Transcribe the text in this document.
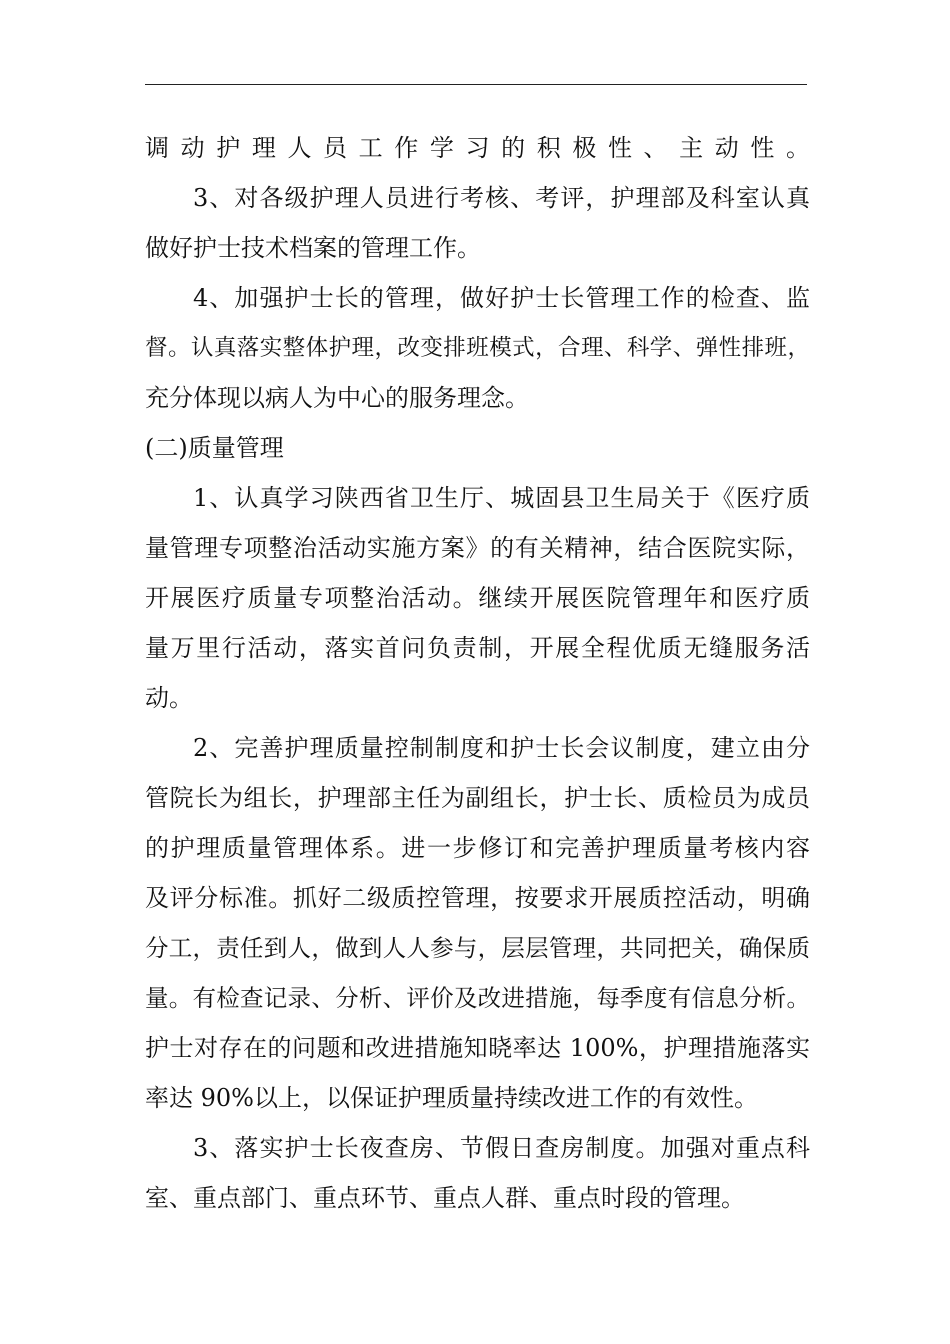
调动护理人员工作学习的积极性、主动性。
3、对各级护理人员进行考核、考评，护理部及科室认真
做好护士技术档案的管理工作。
4、加强护士长的管理，做好护士长管理工作的检查、监
督。认真落实整体护理，改变排班模式，合理、科学、弹性排班，
充分体现以病人为中心的服务理念。
(二)质量管理
1、认真学习陕西省卫生厅、城固县卫生局关于《医疗质
量管理专项整治活动实施方案》的有关精神，结合医院实际，
开展医疗质量专项整治活动。继续开展医院管理年和医疗质
量万里行活动，落实首问负责制，开展全程优质无缝服务活
动。
2、完善护理质量控制制度和护士长会议制度，建立由分
管院长为组长，护理部主任为副组长，护士长、质检员为成员
的护理质量管理体系。进一步修订和完善护理质量考核内容
及评分标准。抓好二级质控管理，按要求开展质控活动，明确
分工，责任到人，做到人人参与，层层管理，共同把关，确保质
量。有检查记录、分析、评价及改进措施，每季度有信息分析。
护士对存在的问题和改进措施知晓率达 100%，护理措施落实
率达 90%以上，以保证护理质量持续改进工作的有效性。
3、落实护士长夜查房、节假日查房制度。加强对重点科
室、重点部门、重点环节、重点人群、重点时段的管理。
